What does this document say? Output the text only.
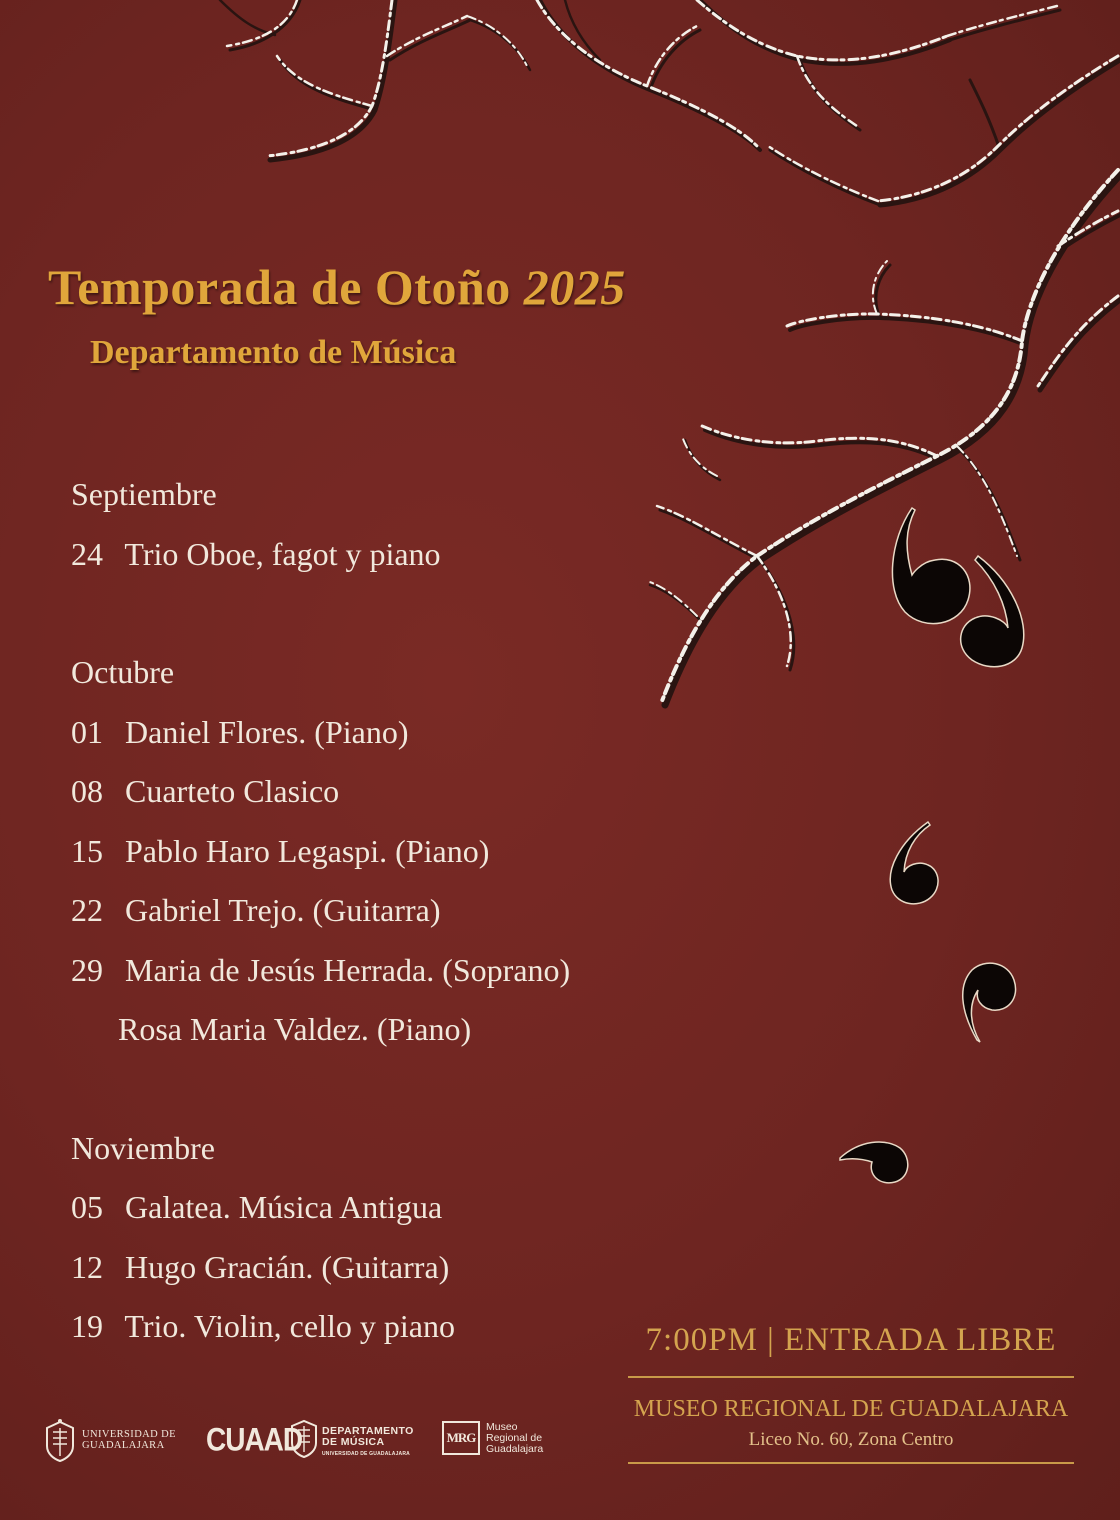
Temporada de Otoño 2025
Departamento de Música
Septiembre
24 Trio Oboe, fagot y piano
Octubre
01 Daniel Flores. (Piano)
08 Cuarteto Clasico
15 Pablo Haro Legaspi. (Piano)
22 Gabriel Trejo. (Guitarra)
29 Maria de Jesús Herrada. (Soprano)
Rosa Maria Valdez. (Piano)
Noviembre
05 Galatea. Música Antigua
12 Hugo Gracián. (Guitarra)
19 Trio. Violin, cello y piano	7:00PM | ENTRADA LIBRE
MUSEO REGIONAL DE GUADALAJARA
Liceo No. 60, Zona Centro
UNIVERSIDAD DE GUADALAJARA	CUAAD DEPARTAMENTO DE MÚSICA
UNIVERSIDAD DE GUADALAJARA
MRG
Museo Regional de Guadalajara
